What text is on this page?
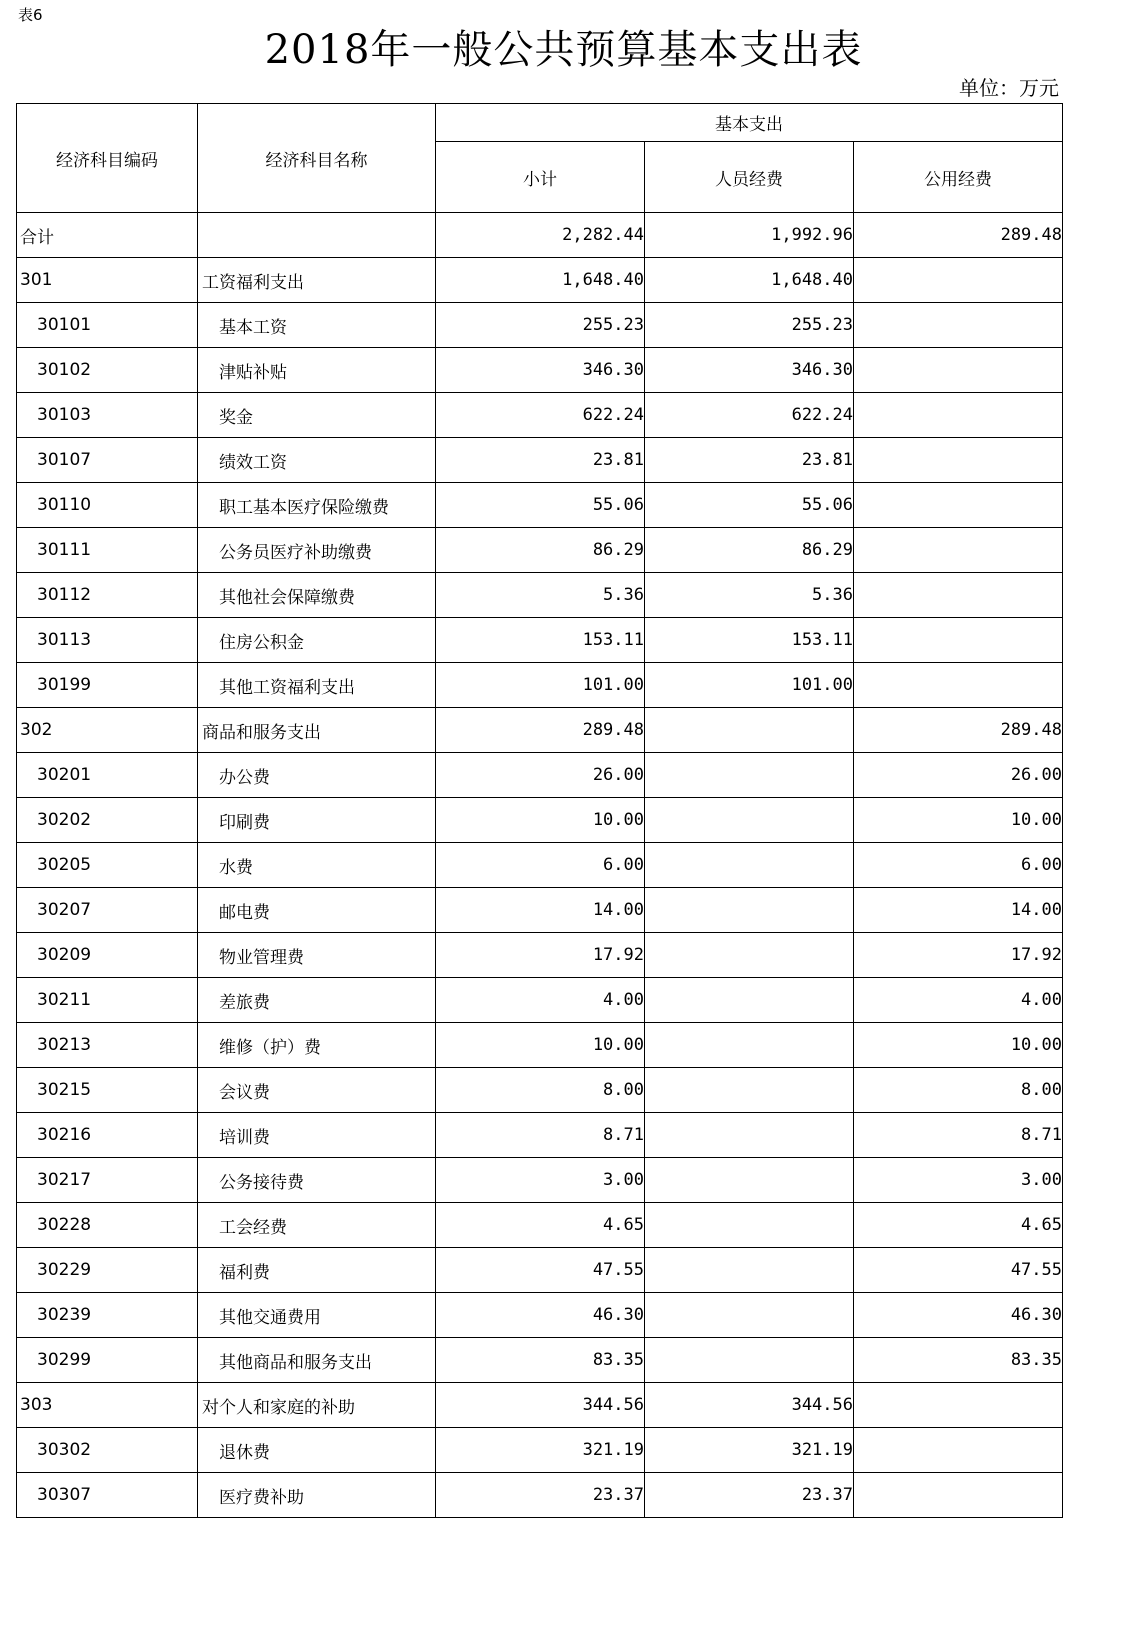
表6
2018年一般公共预算基本支出表
单位：万元
经济科目编码	经济科目名称	基本支出		
		小计	人员经费	公用经费
合计		2,282.44	1,992.96	289.48
301	工资福利支出	1,648.40	1,648.40	
30101	基本工资	255.23	255.23	
30102	津贴补贴	346.30	346.30	
30103	奖金	622.24	622.24	
30107	绩效工资	23.81	23.81	
30110	职工基本医疗保险缴费	55.06	55.06	
30111	公务员医疗补助缴费	86.29	86.29	
30112	其他社会保障缴费	5.36	5.36	
30113	住房公积金	153.11	153.11	
30199	其他工资福利支出	101.00	101.00	
302	商品和服务支出	289.48		289.48
30201	办公费	26.00		26.00
30202	印刷费	10.00		10.00
30205	水费	6.00		6.00
30207	邮电费	14.00		14.00
30209	物业管理费	17.92		17.92
30211	差旅费	4.00		4.00
30213	维修（护）费	10.00		10.00
30215	会议费	8.00		8.00
30216	培训费	8.71		8.71
30217	公务接待费	3.00		3.00
30228	工会经费	4.65		4.65
30229	福利费	47.55		47.55
30239	其他交通费用	46.30		46.30
30299	其他商品和服务支出	83.35		83.35
303	对个人和家庭的补助	344.56	344.56	
30302	退休费	321.19	321.19	
30307	医疗费补助	23.37	23.37	
